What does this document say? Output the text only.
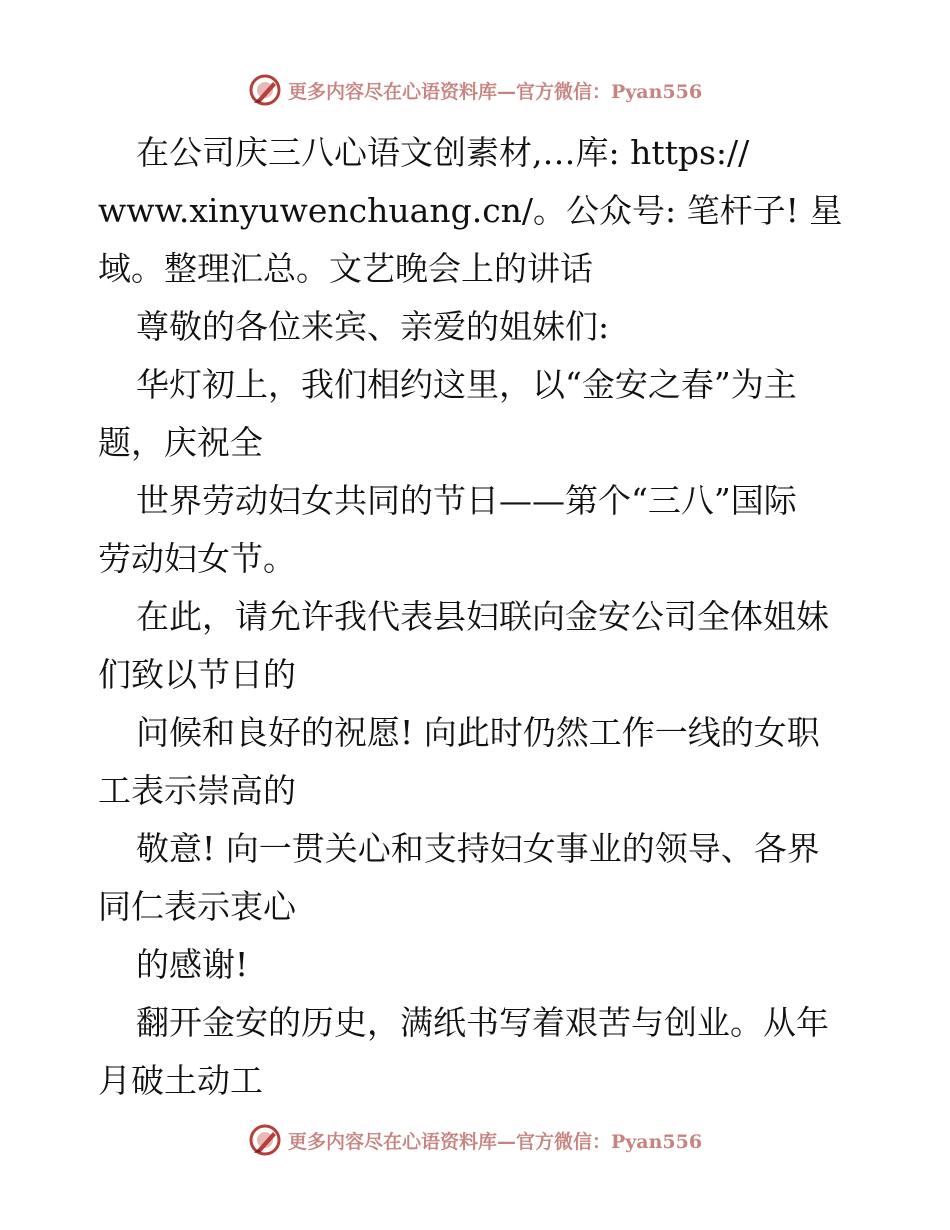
更多内容尽在心语资料库—官方微信：Pyan556
在公司庆三八心语文创素材,…库: https://
www.xinyuwenchuang.cn/。公众号: 笔杆子! 星
域。整理汇总。文艺晚会上的讲话
尊敬的各位来宾、亲爱的姐妹们:
华灯初上，我们相约这里，以“金安之春”为主
题，庆祝全
世界劳动妇女共同的节日——第个“三八”国际
劳动妇女节。
在此，请允许我代表县妇联向金安公司全体姐妹
们致以节日的
问候和良好的祝愿! 向此时仍然工作一线的女职
工表示崇高的
敬意! 向一贯关心和支持妇女事业的领导、各界
同仁表示衷心
的感谢!
翻开金安的历史，满纸书写着艰苦与创业。从年
月破土动工
更多内容尽在心语资料库—官方微信：Pyan556
